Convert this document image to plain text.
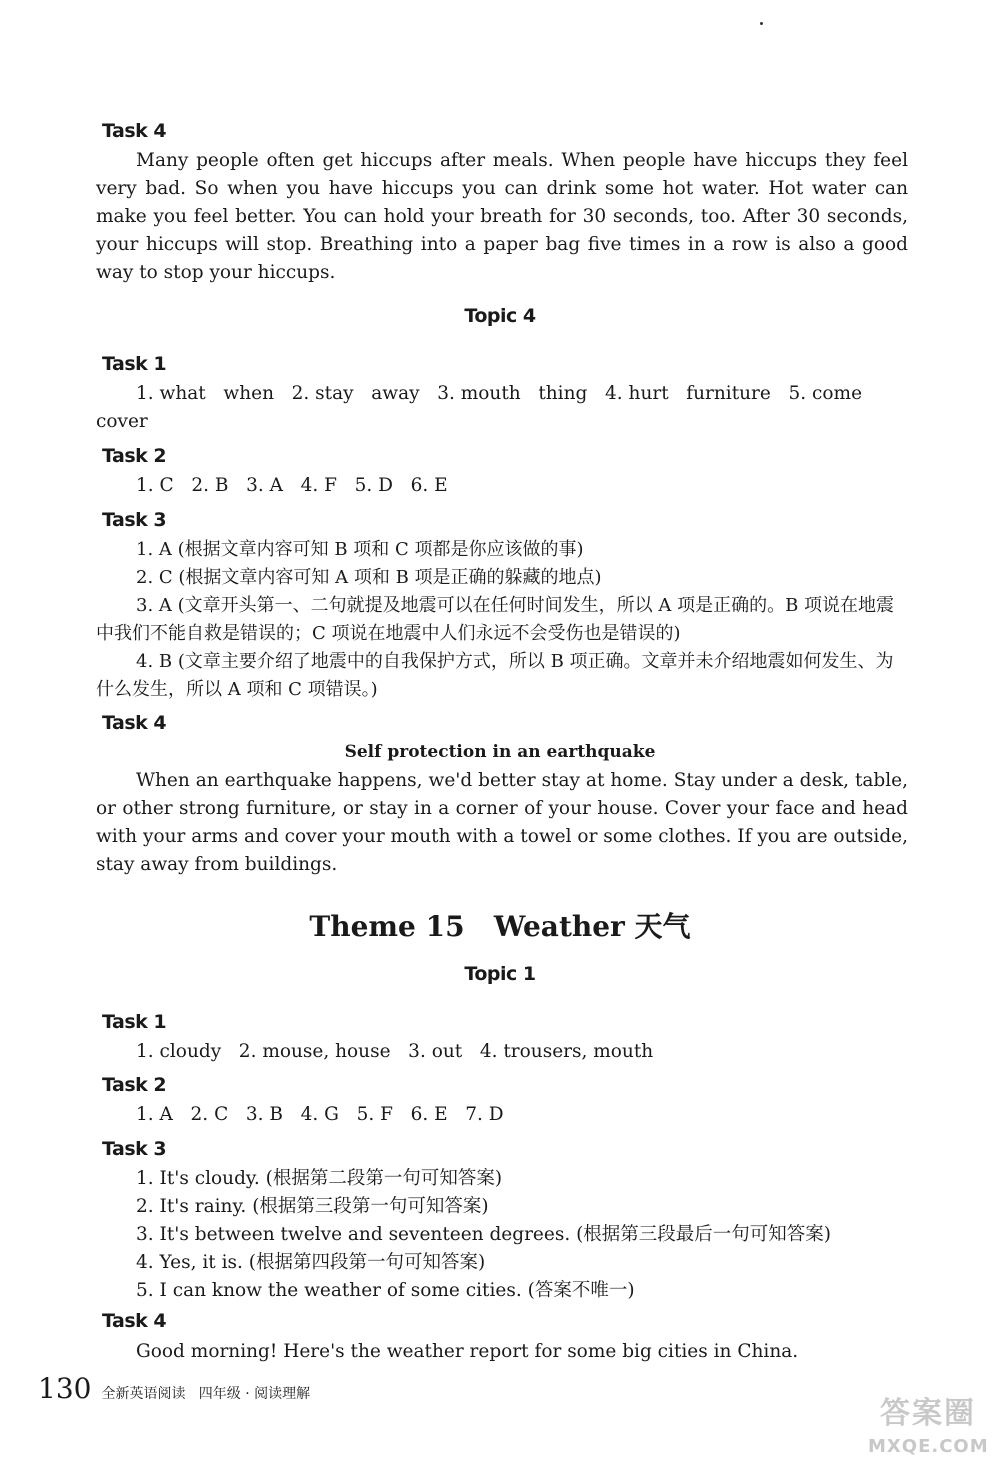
Task 4
Many people often get hiccups after meals. When people have hiccups they feel very bad. So when you have hiccups you can drink some hot water. Hot water can make you feel better. You can hold your breath for 30 seconds, too. After 30 seconds, your hiccups will stop. Breathing into a paper bag five times in a row is also a good way to stop your hiccups.
Topic 4
Task 1
1. what   when   2. stay   away   3. mouth   thing   4. hurt   furniture   5. come
cover
Task 2
1. C   2. B   3. A   4. F   5. D   6. E
Task 3
1. A (根据文章内容可知 B 项和 C 项都是你应该做的事)
2. C (根据文章内容可知 A 项和 B 项是正确的躲藏的地点)
3. A (文章开头第一、二句就提及地震可以在任何时间发生，所以 A 项是正确的。B 项说在地震中我们不能自救是错误的；C 项说在地震中人们永远不会受伤也是错误的)
4. B (文章主要介绍了地震中的自我保护方式，所以 B 项正确。文章并未介绍地震如何发生、为什么发生，所以 A 项和 C 项错误。)
Task 4
Self protection in an earthquake
When an earthquake happens, we'd better stay at home. Stay under a desk, table, or other strong furniture, or stay in a corner of your house. Cover your face and head with your arms and cover your mouth with a towel or some clothes. If you are outside, stay away from buildings.
Theme 15   Weather 天气
Topic 1
Task 1
1. cloudy   2. mouse, house   3. out   4. trousers, mouth
Task 2
1. A   2. C   3. B   4. G   5. F   6. E   7. D
Task 3
1. It's cloudy. (根据第二段第一句可知答案)
2. It's rainy. (根据第三段第一句可知答案)
3. It's between twelve and seventeen degrees. (根据第三段最后一句可知答案)
4. Yes, it is. (根据第四段第一句可知答案)
5. I can know the weather of some cities. (答案不唯一)
Task 4
Good morning! Here's the weather report for some big cities in China.
130 全新英语阅读   四年级 · 阅读理解
答案圈
MXQE.COM
